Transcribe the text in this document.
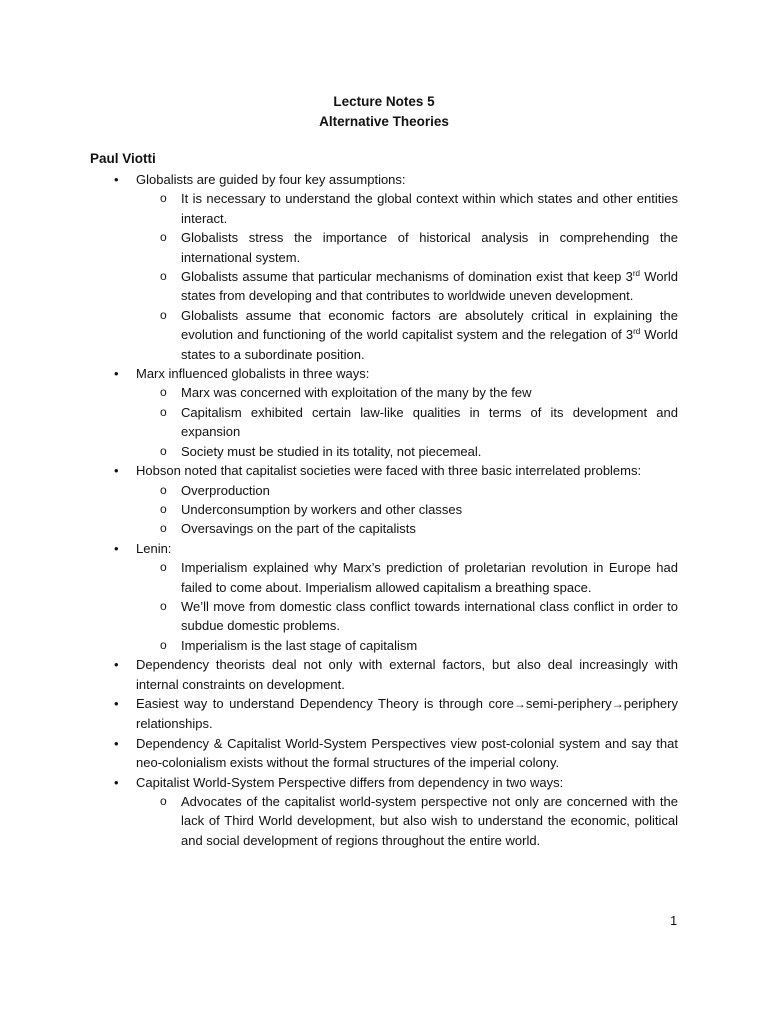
Lecture Notes 5
Alternative Theories
Paul Viotti
• Globalists are guided by four key assumptions:
o It is necessary to understand the global context within which states and other entities interact.
o Globalists stress the importance of historical analysis in comprehending the international system.
o Globalists assume that particular mechanisms of domination exist that keep 3rd World states from developing and that contributes to worldwide uneven development.
o Globalists assume that economic factors are absolutely critical in explaining the evolution and functioning of the world capitalist system and the relegation of 3rd World states to a subordinate position.
• Marx influenced globalists in three ways:
o Marx was concerned with exploitation of the many by the few
o Capitalism exhibited certain law-like qualities in terms of its development and expansion
o Society must be studied in its totality, not piecemeal.
• Hobson noted that capitalist societies were faced with three basic interrelated problems:
o Overproduction
o Underconsumption by workers and other classes
o Oversavings on the part of the capitalists
• Lenin:
o Imperialism explained why Marx’s prediction of proletarian revolution in Europe had failed to come about. Imperialism allowed capitalism a breathing space.
o We’ll move from domestic class conflict towards international class conflict in order to subdue domestic problems.
o Imperialism is the last stage of capitalism
• Dependency theorists deal not only with external factors, but also deal increasingly with internal constraints on development.
• Easiest way to understand Dependency Theory is through core→semi-periphery→periphery relationships.
• Dependency & Capitalist World-System Perspectives view post-colonial system and say that neo-colonialism exists without the formal structures of the imperial colony.
• Capitalist World-System Perspective differs from dependency in two ways:
o Advocates of the capitalist world-system perspective not only are concerned with the lack of Third World development, but also wish to understand the economic, political and social development of regions throughout the entire world.
1
